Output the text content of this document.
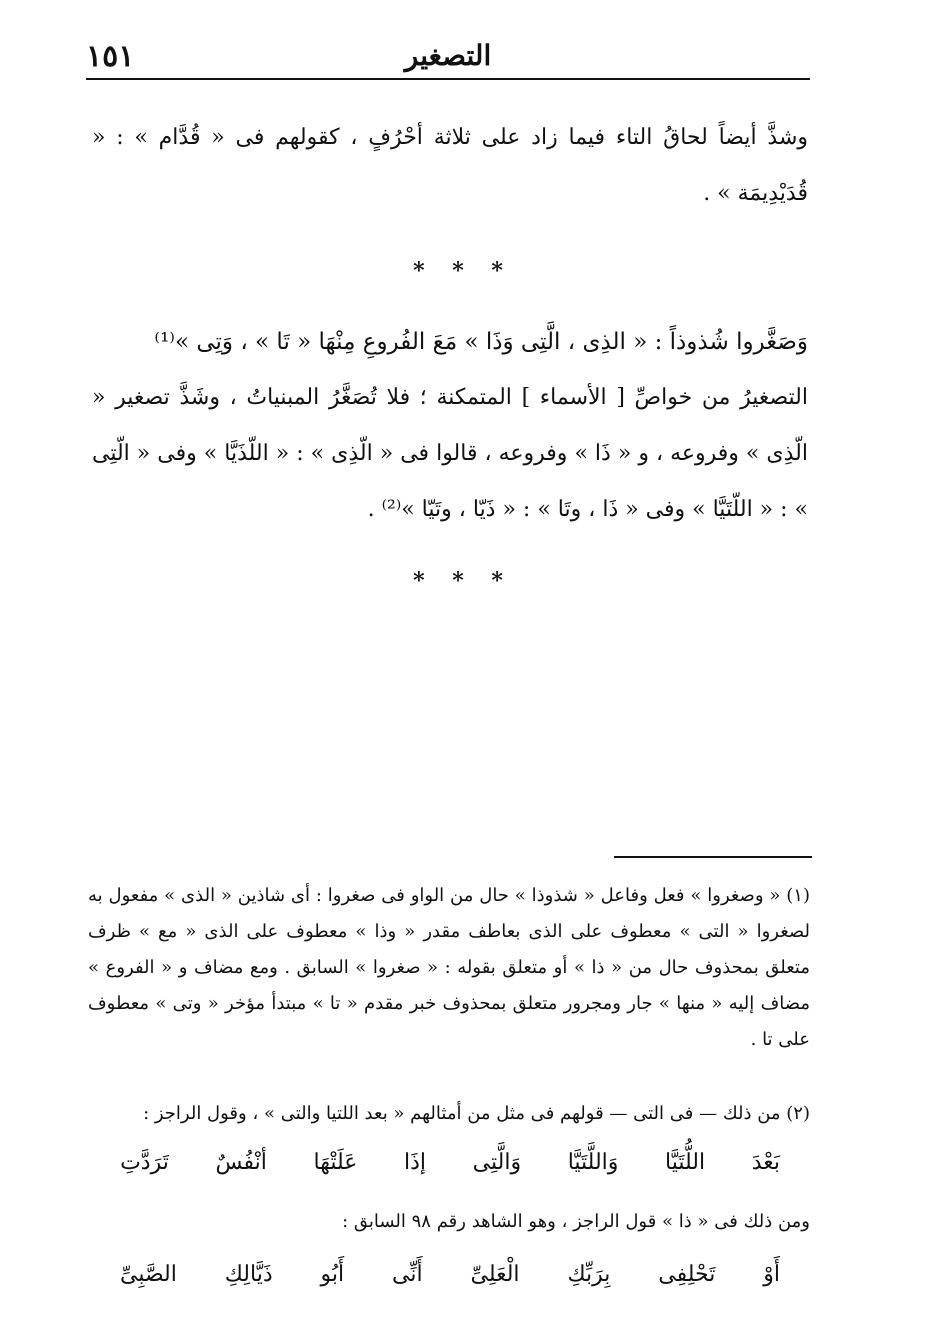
١٥١	التصغير

وشذَّ أيضاً لحاقُ التاء فيما زاد على ثلاثة أحْرُفٍ ، كقولهم فى « قُدَّام » : « قُدَيْدِيمَة » .

* * *
وَصَغَّروا شُذوذاً : « الذِى ، الَّتِى وَذَا » مَعَ الفُروعِ مِنْهَا « تَا » ، وَتِى »⁽¹⁾
التصغيرُ من خواصِّ [ الأسماء ] المتمكنة ؛ فلا تُصَغَّرُ المبنياتُ ، وشَذَّ تصغير « الّذِى » وفروعه ، و « ذَا » وفروعه ، قالوا فى « الّذِى » : « اللّذَيَّا » وفى « الّتِى » : « اللّتَيَّا » وفى « ذَا ، وتَا » : « ذَيّا ، وتَيّا »⁽²⁾ .
* * *

(١) « وصغروا » فعل وفاعل « شذوذا » حال من الواو فى صغروا : أى شاذين « الذى » مفعول به لصغروا « التى » معطوف على الذى بعاطف مقدر « وذا » معطوف على الذى « مع » ظرف متعلق بمحذوف حال من « ذا » أو متعلق بقوله : « صغروا » السابق . ومع مضاف و « الفروع » مضاف إليه « منها » جار ومجرور متعلق بمحذوف خبر مقدم « تا » مبتدأ مؤخر « وتى » معطوف على تا .

(٢) من ذلك — فى التى — قولهم فى مثل من أمثالهم « بعد اللتيا والتى » ، وقول الراجز :

بَعْدَ
اللُّتَيَّا
وَاللَّتَيَّا
وَالَّتِى
إذَا
عَلَتْهَا
أنْفُسٌ
تَرَدَّتِ

ومن ذلك فى « ذا » قول الراجز ، وهو الشاهد رقم ٩٨ السابق :

أَوْ
تَحْلِفِى
بِرَبِّكِ
الْعَلِىِّ
أَنِّى
أَبُو
ذَيَّالِكِ
الصَّبِىِّ
